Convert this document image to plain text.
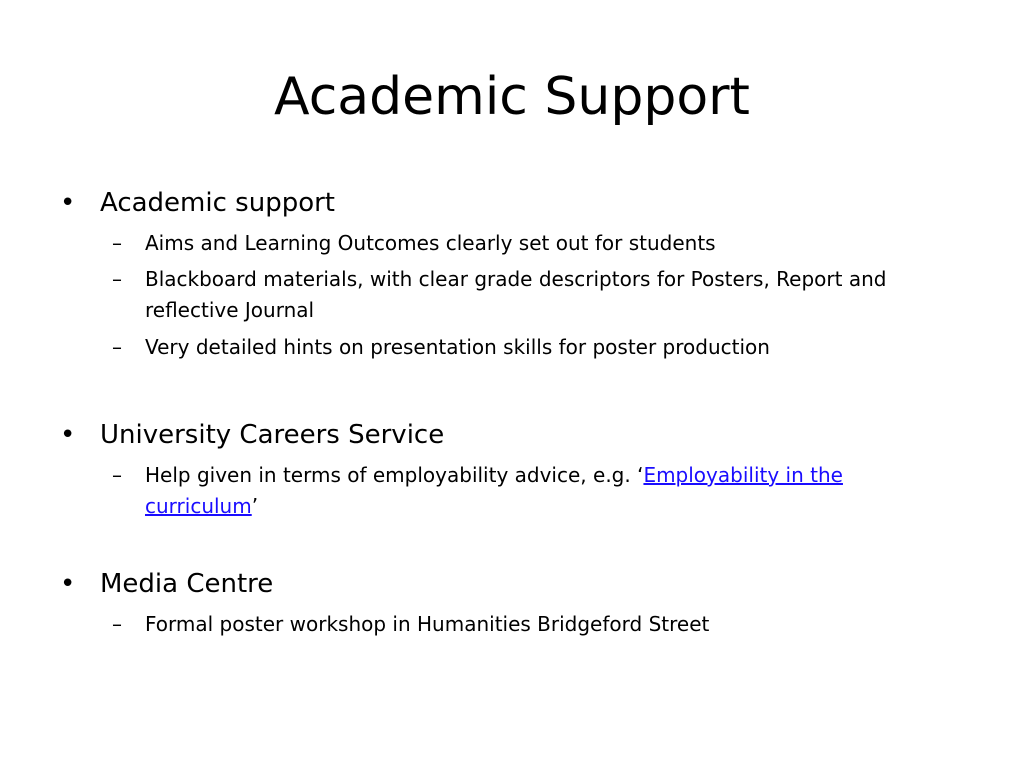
Academic Support
• Academic support
–	Aims and Learning Outcomes clearly set out for students
–	Blackboard materials, with clear grade descriptors for Posters, Report and
reflective Journal
–	Very detailed hints on presentation skills for poster production
• University Careers Service
–	Help given in terms of employability advice, e.g. ‘Employability in the
curriculum’
• Media Centre
–	Formal poster workshop in Humanities Bridgeford Street
